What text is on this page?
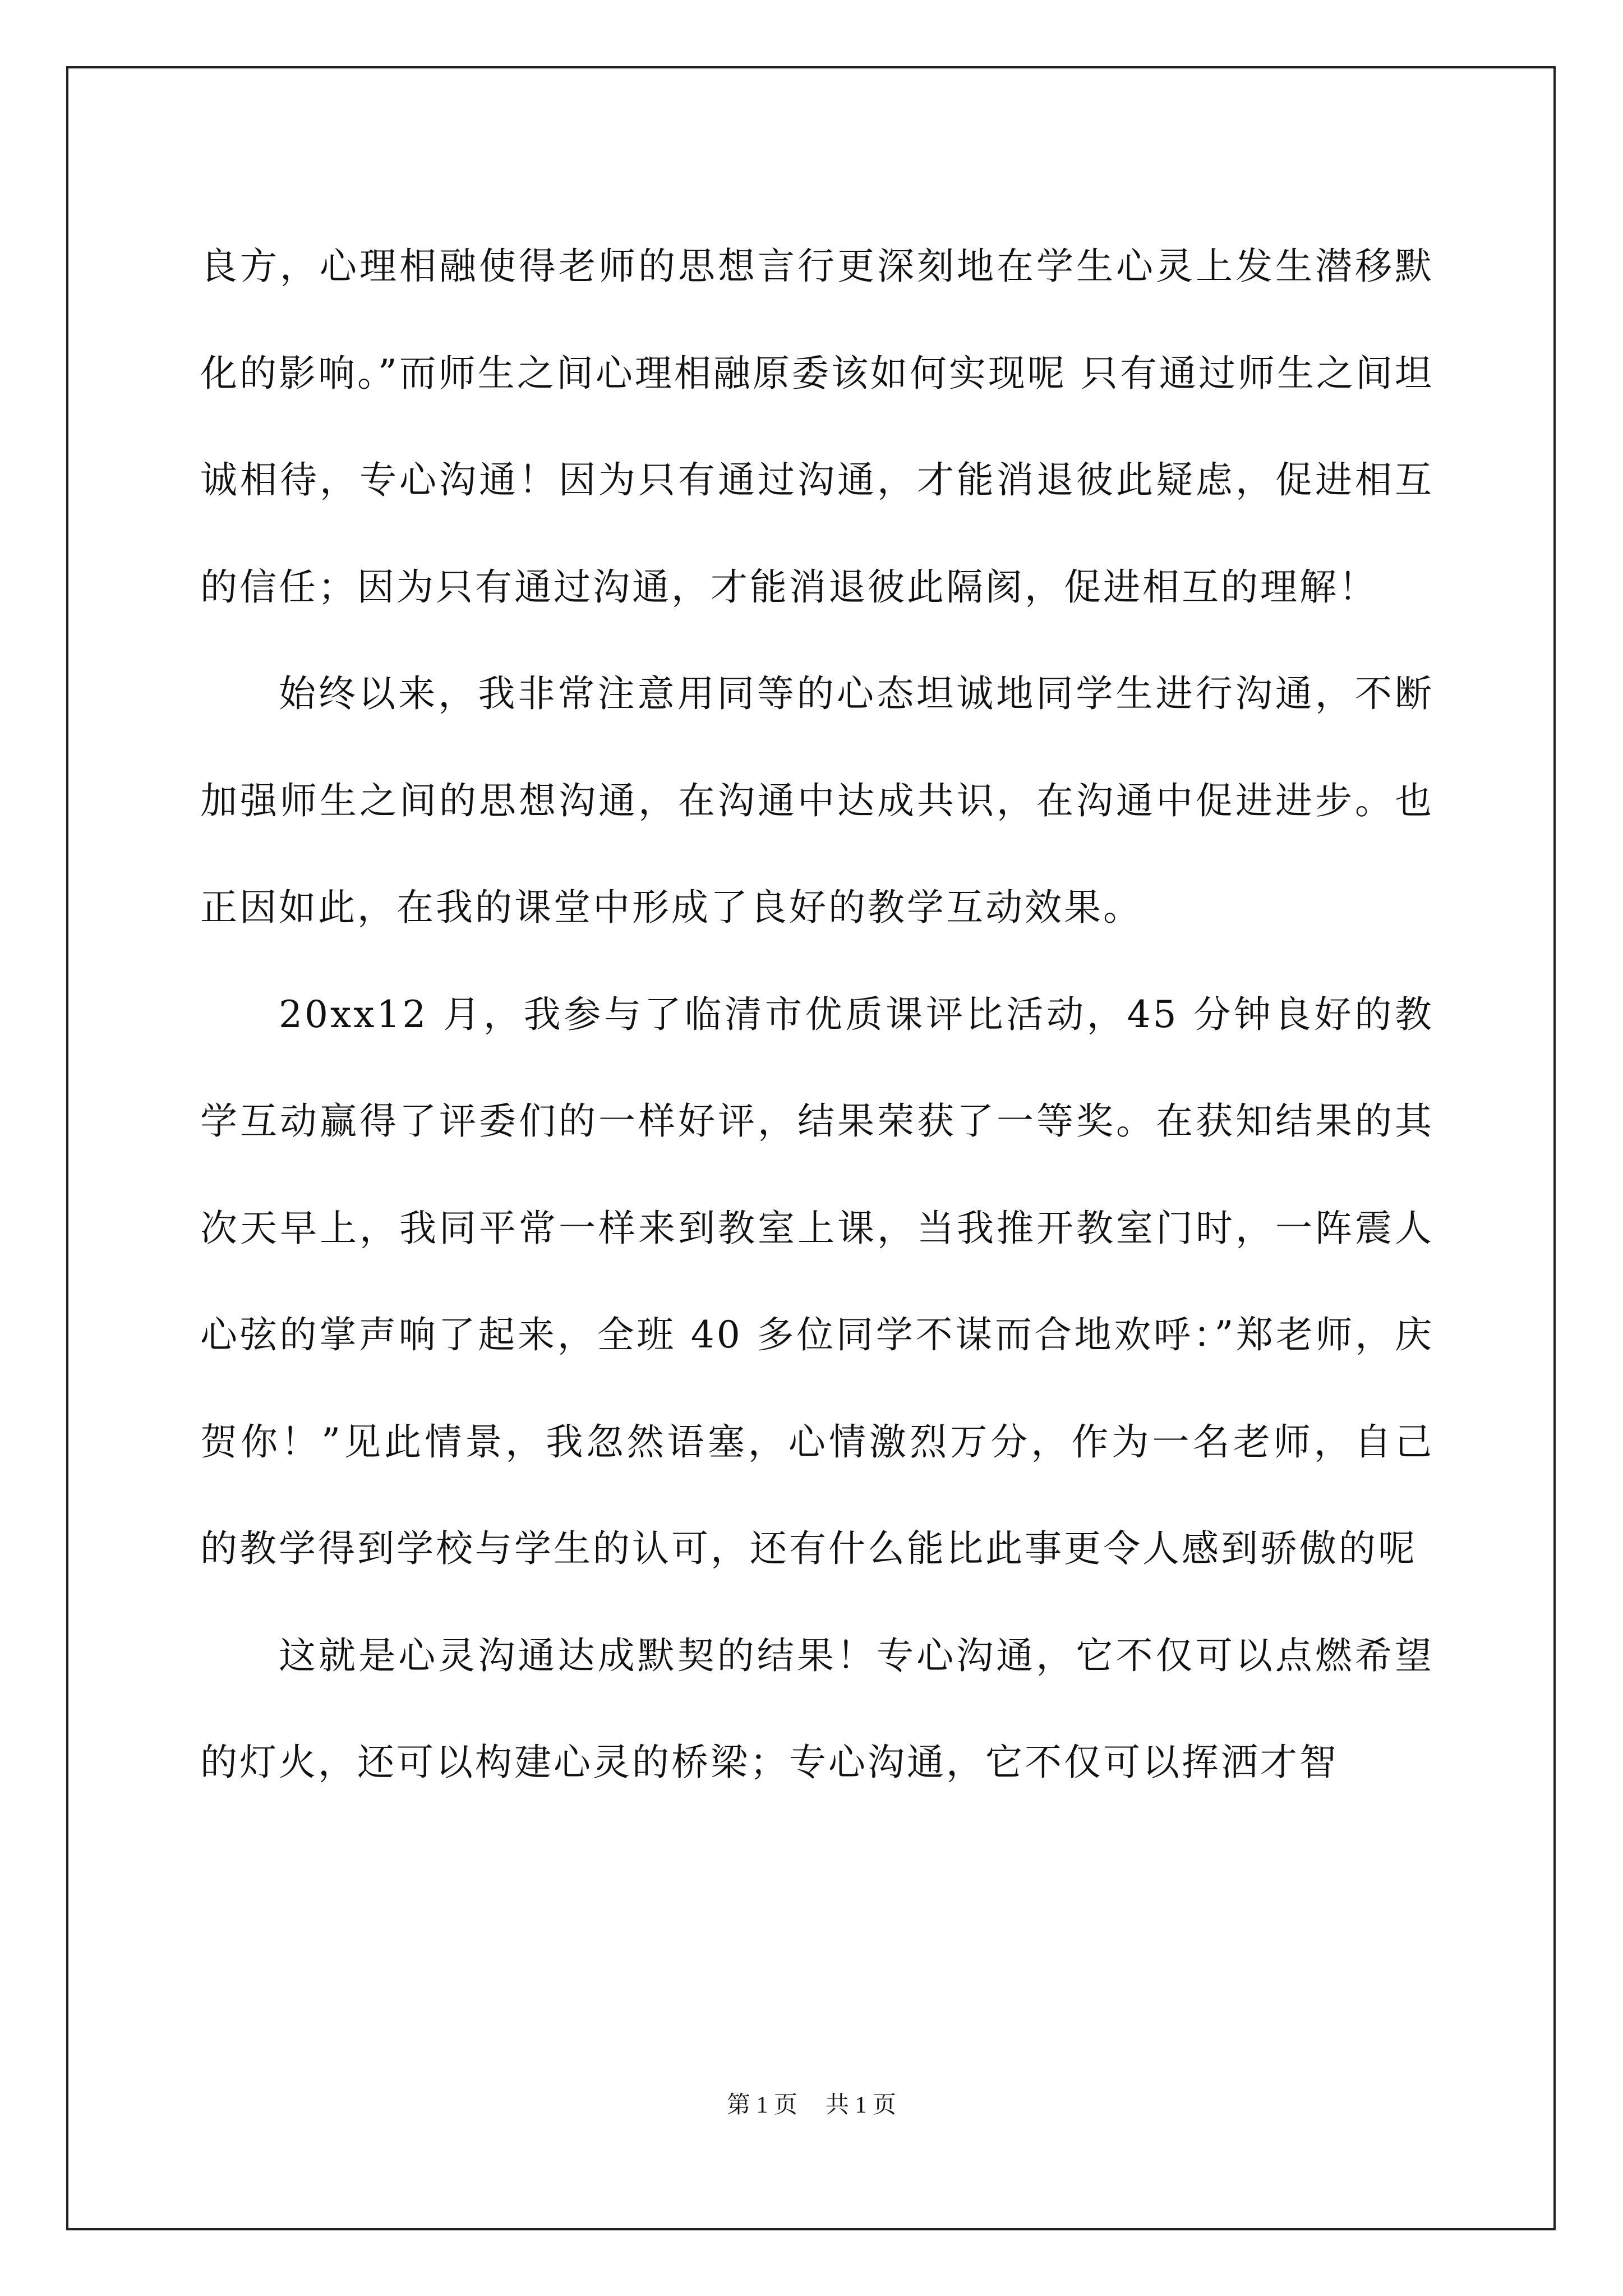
良方，心理相融使得老师的思想言行更深刻地在学生心灵上发生潜移默化的影响。”而师生之间心理相融原委该如何实现呢 只有通过师生之间坦诚相待，专心沟通！因为只有通过沟通，才能消退彼此疑虑，促进相互的信任；因为只有通过沟通，才能消退彼此隔阂，促进相互的理解！

始终以来，我非常注意用同等的心态坦诚地同学生进行沟通，不断加强师生之间的思想沟通，在沟通中达成共识，在沟通中促进进步。也正因如此，在我的课堂中形成了良好的教学互动效果。

20xx12 月，我参与了临清市优质课评比活动，45 分钟良好的教学互动赢得了评委们的一样好评，结果荣获了一等奖。在获知结果的其次天早上，我同平常一样来到教室上课，当我推开教室门时，一阵震人心弦的掌声响了起来，全班 40 多位同学不谋而合地欢呼：”郑老师，庆贺你！”见此情景，我忽然语塞，心情激烈万分，作为一名老师，自己的教学得到学校与学生的认可，还有什么能比此事更令人感到骄傲的呢

这就是心灵沟通达成默契的结果！专心沟通，它不仅可以点燃希望的灯火，还可以构建心灵的桥梁；专心沟通，它不仅可以挥洒才智

第 1 页 共 1 页
